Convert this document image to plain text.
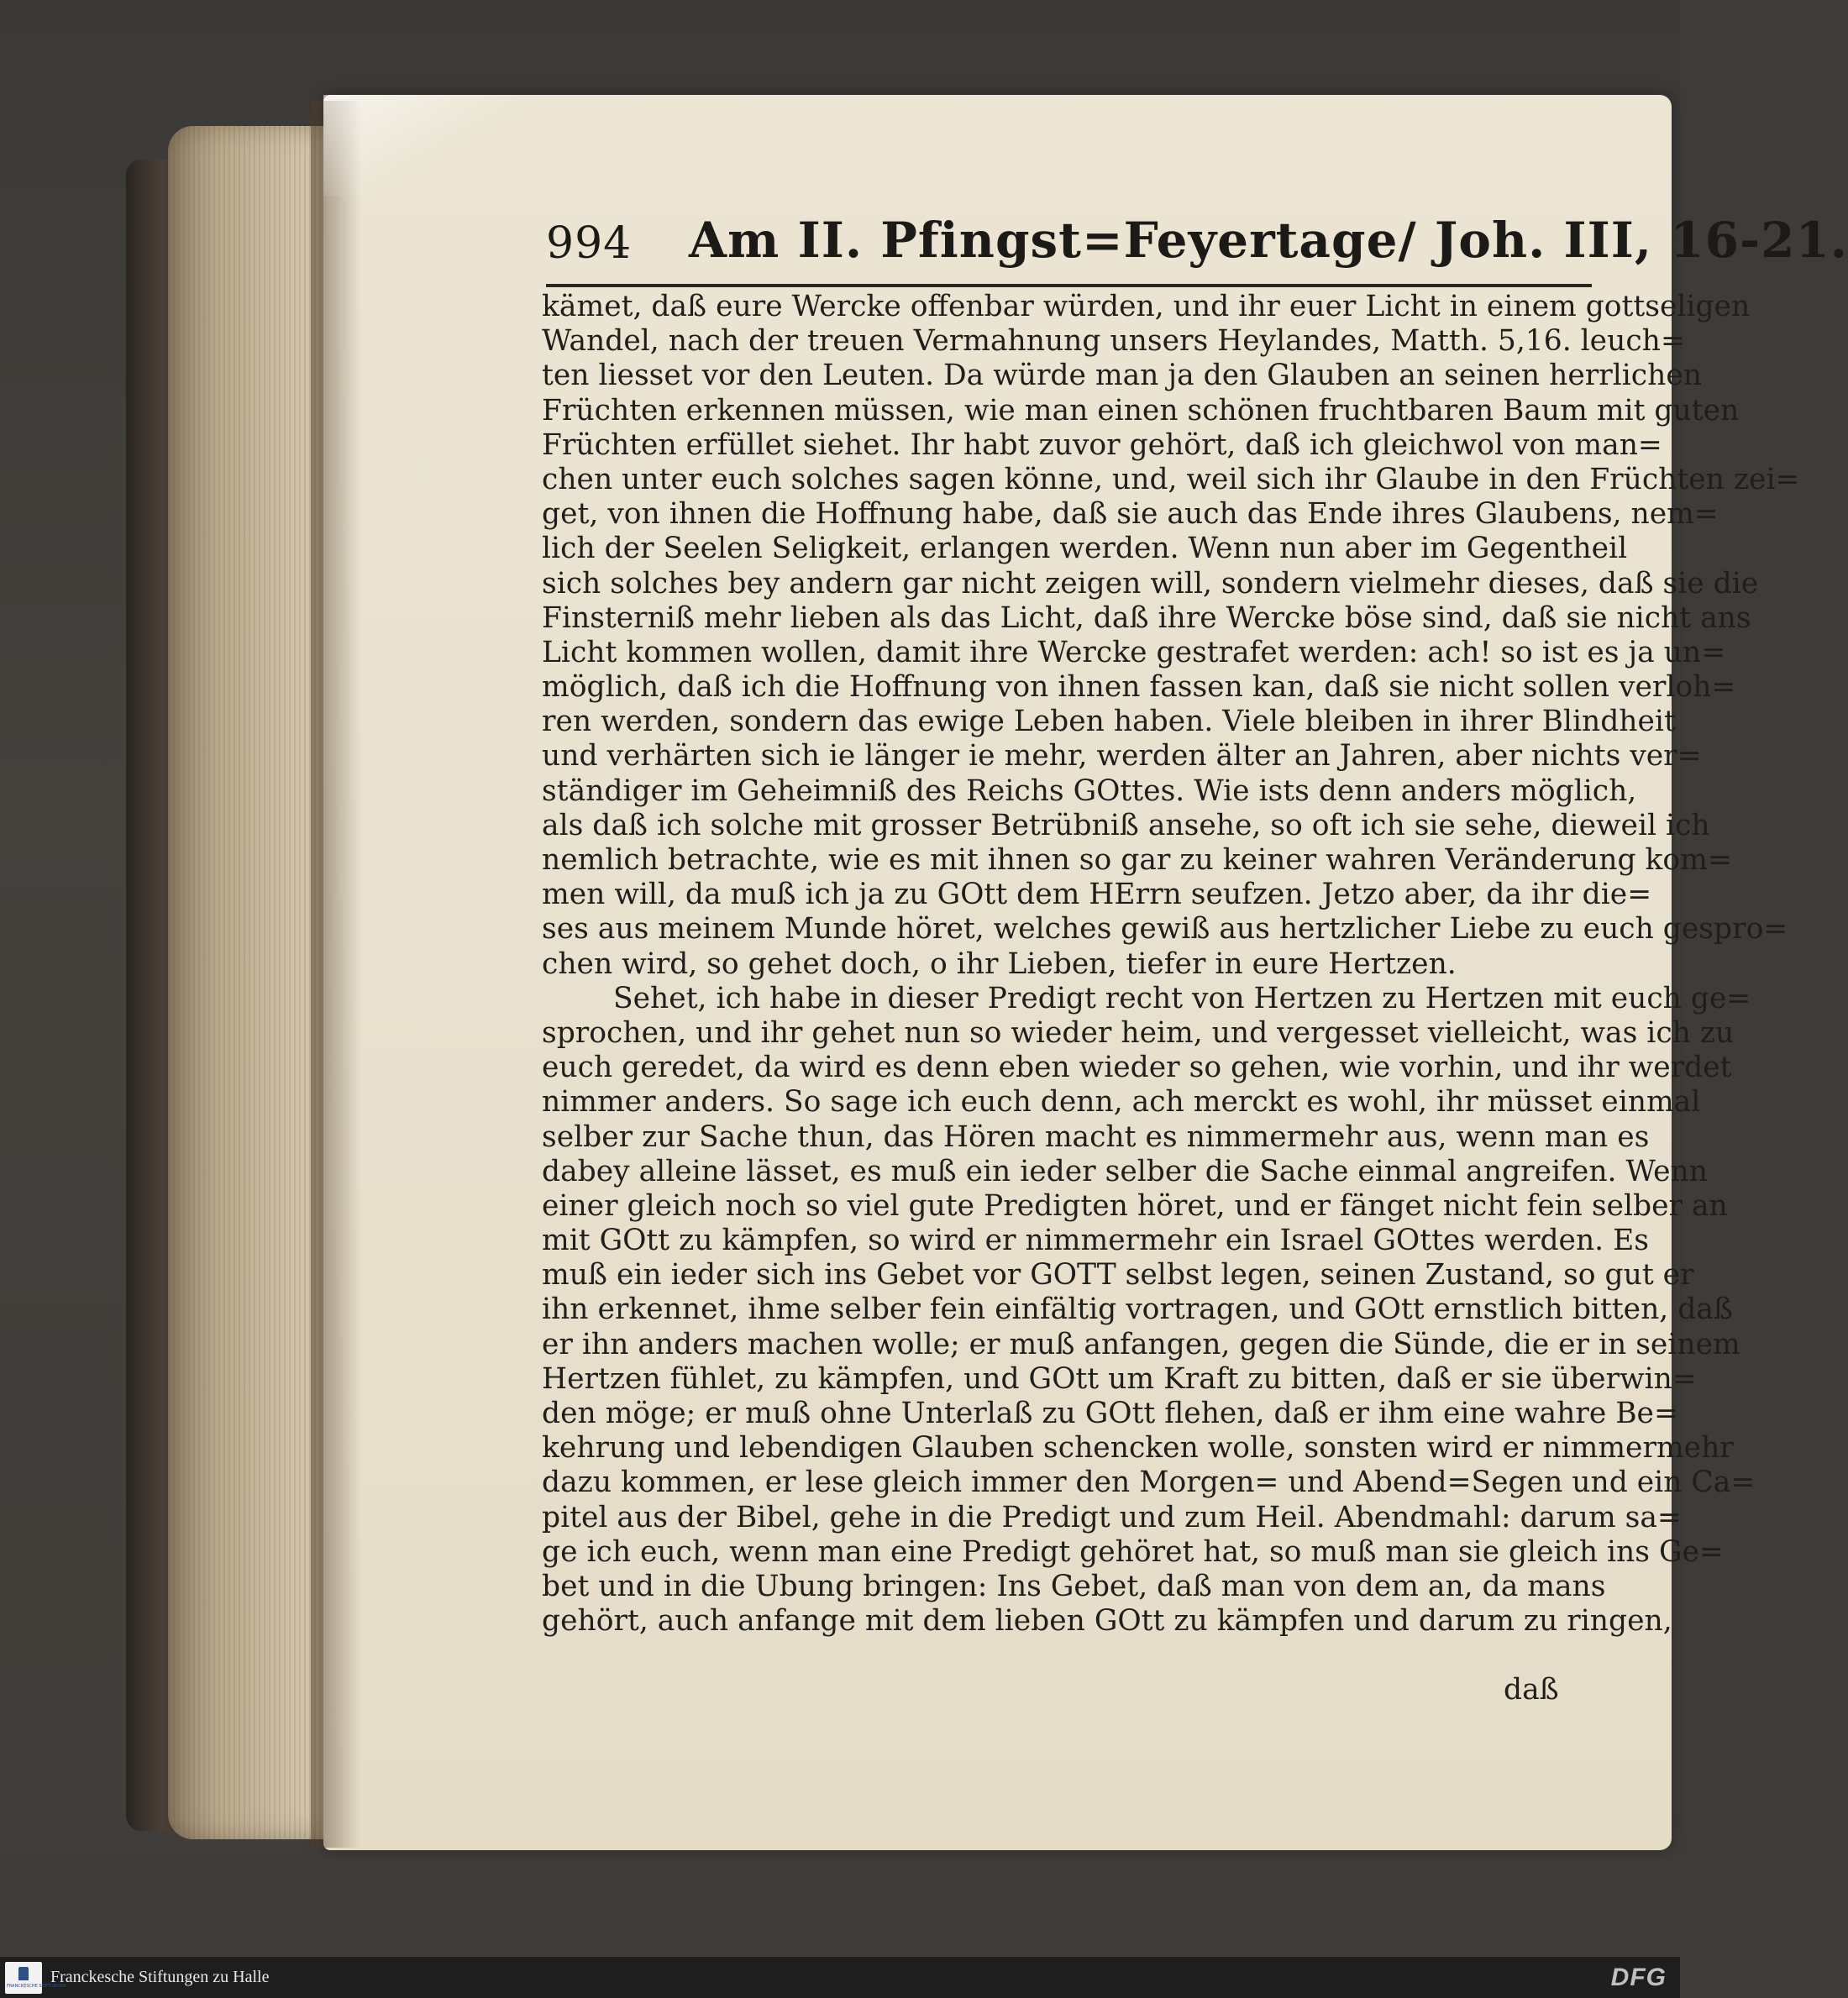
994 Am II. Pfingst=Feyertage/ Joh. III, 16-21.
kämet, daß eure Wercke offenbar würden, und ihr euer Licht in einem gottseligen
Wandel, nach der treuen Vermahnung unsers Heylandes, Matth. 5,16. leuch=
ten liesset vor den Leuten. Da würde man ja den Glauben an seinen herrlichen
Früchten erkennen müssen, wie man einen schönen fruchtbaren Baum mit guten
Früchten erfüllet siehet. Ihr habt zuvor gehört, daß ich gleichwol von man=
chen unter euch solches sagen könne, und, weil sich ihr Glaube in den Früchten zei=
get, von ihnen die Hoffnung habe, daß sie auch das Ende ihres Glaubens, nem=
lich der Seelen Seligkeit, erlangen werden. Wenn nun aber im Gegentheil
sich solches bey andern gar nicht zeigen will, sondern vielmehr dieses, daß sie die
Finsterniß mehr lieben als das Licht, daß ihre Wercke böse sind, daß sie nicht ans
Licht kommen wollen, damit ihre Wercke gestrafet werden: ach! so ist es ja un=
möglich, daß ich die Hoffnung von ihnen fassen kan, daß sie nicht sollen verloh=
ren werden, sondern das ewige Leben haben. Viele bleiben in ihrer Blindheit
und verhärten sich ie länger ie mehr, werden älter an Jahren, aber nichts ver=
ständiger im Geheimniß des Reichs GOttes. Wie ists denn anders möglich,
als daß ich solche mit grosser Betrübniß ansehe, so oft ich sie sehe, dieweil ich
nemlich betrachte, wie es mit ihnen so gar zu keiner wahren Veränderung kom=
men will, da muß ich ja zu GOtt dem HErrn seufzen. Jetzo aber, da ihr die=
ses aus meinem Munde höret, welches gewiß aus hertzlicher Liebe zu euch gespro=
chen wird, so gehet doch, o ihr Lieben, tiefer in eure Hertzen.
Sehet, ich habe in dieser Predigt recht von Hertzen zu Hertzen mit euch ge=
sprochen, und ihr gehet nun so wieder heim, und vergesset vielleicht, was ich zu
euch geredet, da wird es denn eben wieder so gehen, wie vorhin, und ihr werdet
nimmer anders. So sage ich euch denn, ach merckt es wohl, ihr müsset einmal
selber zur Sache thun, das Hören macht es nimmermehr aus, wenn man es
dabey alleine lässet, es muß ein ieder selber die Sache einmal angreifen. Wenn
einer gleich noch so viel gute Predigten höret, und er fänget nicht fein selber an
mit GOtt zu kämpfen, so wird er nimmermehr ein Israel GOttes werden. Es
muß ein ieder sich ins Gebet vor GOTT selbst legen, seinen Zustand, so gut er
ihn erkennet, ihme selber fein einfältig vortragen, und GOtt ernstlich bitten, daß
er ihn anders machen wolle; er muß anfangen, gegen die Sünde, die er in seinem
Hertzen fühlet, zu kämpfen, und GOtt um Kraft zu bitten, daß er sie überwin=
den möge; er muß ohne Unterlaß zu GOtt flehen, daß er ihm eine wahre Be=
kehrung und lebendigen Glauben schencken wolle, sonsten wird er nimmermehr
dazu kommen, er lese gleich immer den Morgen= und Abend=Segen und ein Ca=
pitel aus der Bibel, gehe in die Predigt und zum Heil. Abendmahl: darum sa=
ge ich euch, wenn man eine Predigt gehöret hat, so muß man sie gleich ins Ge=
bet und in die Ubung bringen: Ins Gebet, daß man von dem an, da mans
gehört, auch anfange mit dem lieben GOtt zu kämpfen und darum zu ringen,
daß
FRANCKESCHE STIFTUNGEN
Franckesche Stiftungen zu Halle	DFG
